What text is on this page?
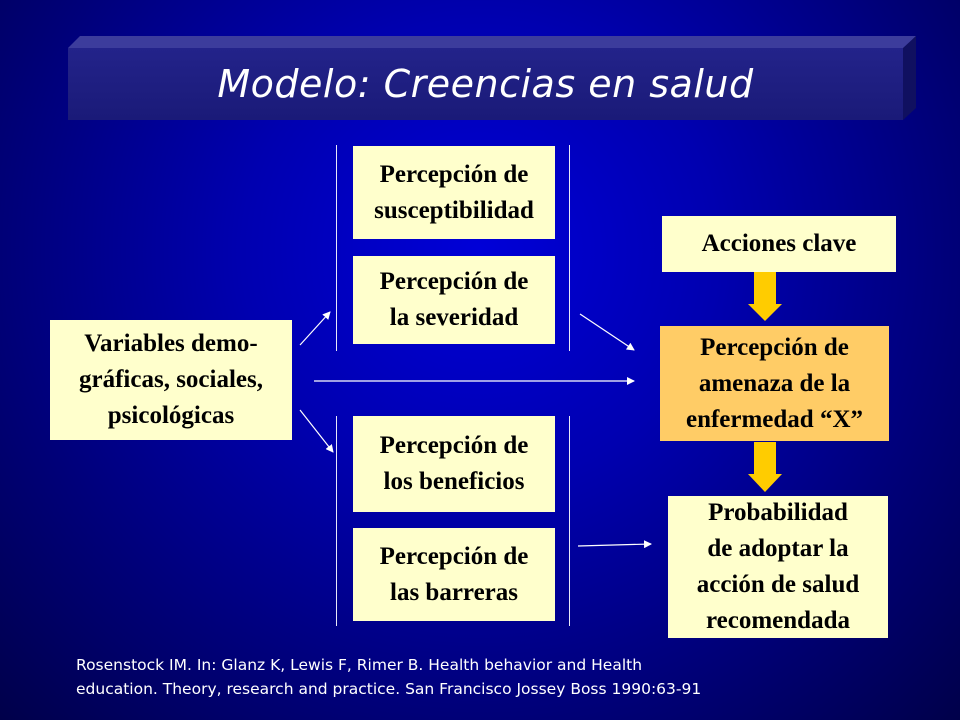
Modelo: Creencias en salud
Variables demo-
gráficas, sociales,
psicológicas
Percepción de
susceptibilidad
Percepción de
la severidad
Percepción de
los beneficios
Percepción de
las barreras
Acciones clave
Percepción de
amenaza de la
enfermedad “X”
Probabilidad
de adoptar la
acción de salud
recomendada
Rosenstock IM. In: Glanz K, Lewis F, Rimer B. Health behavior and Health
education. Theory, research and practice. San Francisco Jossey Boss 1990:63-91
